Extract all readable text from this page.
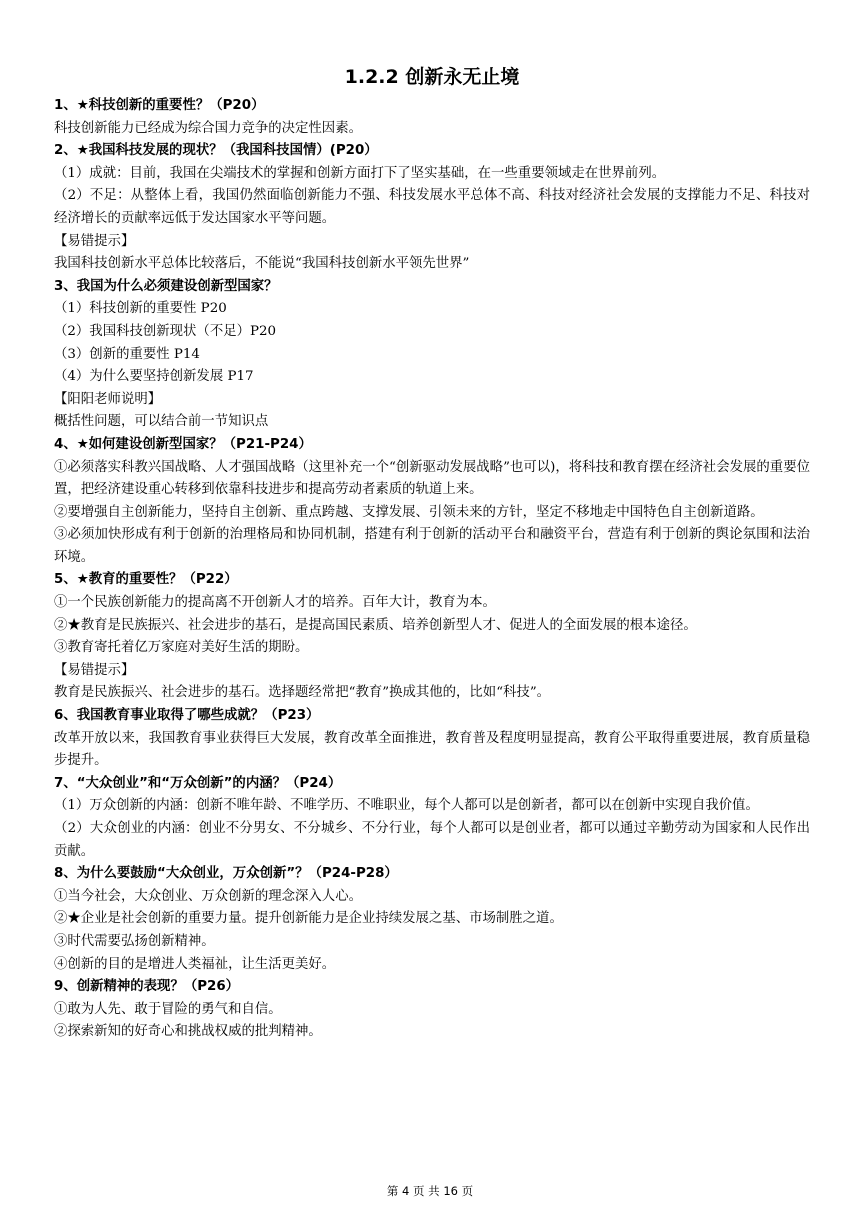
1.2.2 创新永无止境
1、★科技创新的重要性？（P20）
科技创新能力已经成为综合国力竞争的决定性因素。
2、★我国科技发展的现状？（我国科技国情）(P20）
（1）成就：目前，我国在尖端技术的掌握和创新方面打下了坚实基础，在一些重要领域走在世界前列。
（2）不足：从整体上看，我国仍然面临创新能力不强、科技发展水平总体不高、科技对经济社会发展的支撑能力不足、科技对经济增长的贡献率远低于发达国家水平等问题。
【易错提示】
我国科技创新水平总体比较落后，不能说“我国科技创新水平领先世界”
3、我国为什么必须建设创新型国家？
（1）科技创新的重要性 P20
（2）我国科技创新现状（不足）P20
（3）创新的重要性 P14
（4）为什么要坚持创新发展 P17
【阳阳老师说明】
概括性问题，可以结合前一节知识点
4、★如何建设创新型国家？（P21-P24）
①必须落实科教兴国战略、人才强国战略（这里补充一个“创新驱动发展战略”也可以)，将科技和教育摆在经济社会发展的重要位置，把经济建设重心转移到依靠科技进步和提高劳动者素质的轨道上来。
②要增强自主创新能力，坚持自主创新、重点跨越、支撑发展、引领未来的方针，坚定不移地走中国特色自主创新道路。
③必须加快形成有利于创新的治理格局和协同机制，搭建有利于创新的活动平台和融资平台，营造有利于创新的舆论氛围和法治环境。
5、★教育的重要性？（P22）
①一个民族创新能力的提高离不开创新人才的培养。百年大计，教育为本。
②★教育是民族振兴、社会进步的基石，是提高国民素质、培养创新型人才、促进人的全面发展的根本途径。
③教育寄托着亿万家庭对美好生活的期盼。
【易错提示】
教育是民族振兴、社会进步的基石。选择题经常把“教育”换成其他的，比如“科技”。
6、我国教育事业取得了哪些成就？（P23）
改革开放以来，我国教育事业获得巨大发展，教育改革全面推进，教育普及程度明显提高，教育公平取得重要进展，教育质量稳步提升。
7、“大众创业”和“万众创新”的内涵？（P24）
（1）万众创新的内涵：创新不唯年龄、不唯学历、不唯职业，每个人都可以是创新者，都可以在创新中实现自我价值。
（2）大众创业的内涵：创业不分男女、不分城乡、不分行业，每个人都可以是创业者，都可以通过辛勤劳动为国家和人民作出贡献。
8、为什么要鼓励“大众创业，万众创新”？（P24-P28）
①当今社会，大众创业、万众创新的理念深入人心。
②★企业是社会创新的重要力量。提升创新能力是企业持续发展之基、市场制胜之道。
③时代需要弘扬创新精神。
④创新的目的是增进人类福祉，让生活更美好。
9、创新精神的表现？（P26）
①敢为人先、敢于冒险的勇气和自信。
②探索新知的好奇心和挑战权威的批判精神。
第 4 页 共 16 页
